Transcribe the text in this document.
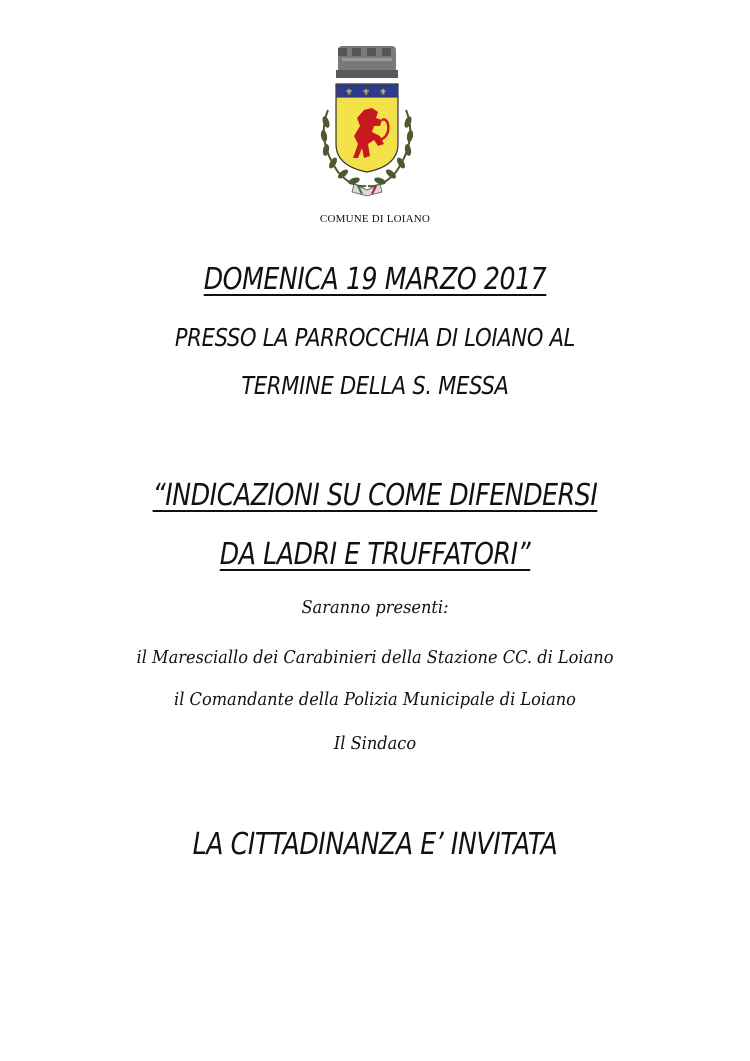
⚜ ⚜ ⚜
COMUNE DI LOIANO
DOMENICA 19 MARZO 2017
PRESSO LA PARROCCHIA DI LOIANO AL
TERMINE DELLA S. MESSA
“INDICAZIONI SU COME DIFENDERSI
DA LADRI E TRUFFATORI”
Saranno presenti:
il Maresciallo dei Carabinieri della Stazione CC. di Loiano
il Comandante della Polizia Municipale di Loiano
Il Sindaco
LA CITTADINANZA E’ INVITATA
